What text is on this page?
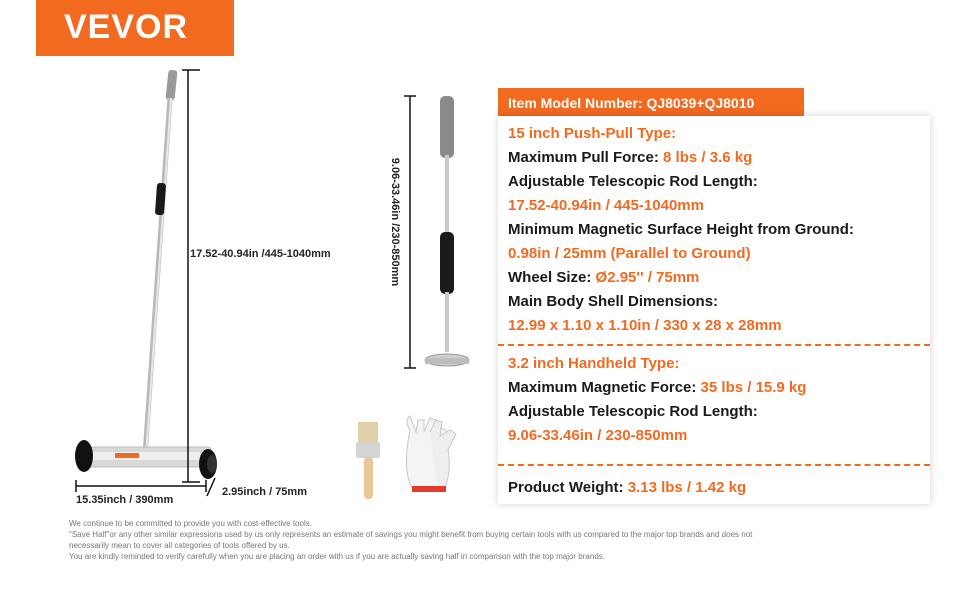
VEVOR
17.52-40.94in /445-1040mm
15.35inch / 390mm
2.95inch / 75mm
9.06-33.46in /230-850mm
Item Model Number: QJ8039+QJ8010
15 inch Push-Pull Type:
Maximum Pull Force: 8 lbs / 3.6 kg
Adjustable Telescopic Rod Length:
17.52-40.94in / 445-1040mm
Minimum Magnetic Surface Height from Ground:
0.98in / 25mm (Parallel to Ground)
Wheel Size: Ø2.95'' / 75mm
Main Body Shell Dimensions:
12.99 x 1.10 x 1.10in / 330 x 28 x 28mm
3.2 inch Handheld Type:
Maximum Magnetic Force: 35 lbs / 15.9 kg
Adjustable Telescopic Rod Length:
9.06-33.46in / 230-850mm
Product Weight: 3.13 lbs / 1.42 kg
We continue to be committed to provide you with cost-effective tools.
"Save Half"or any other similar expressions used by us only represents an estimate of savings you might benefit from buying certain tools with us compared to the major top brands and does not
necessarily mean to cover all categories of tools offered by us.
You are kindly reminded to verify carefully when you are placing an order with us if you are actually saving half in comparison with the top major brands.
